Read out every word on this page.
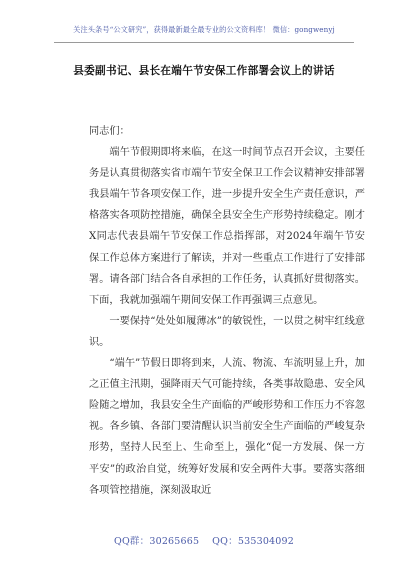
关注头条号“公文研究”，获得最新最全最专业的公文资料库！ 微信：gongwenyj
县委副书记、县长在端午节安保工作部署会议上的讲话

同志们：

端午节假期即将来临，在这一时间节点召开会议，主要任务是认真贯彻落实省市端午节安全保卫工作会议精神安排部署我县端午节各项安保工作，进一步提升安全生产责任意识，严格落实各项防控措施，确保全县安全生产形势持续稳定。刚才X同志代表县端午节安保工作总指挥部，对2024年端午节安保工作总体方案进行了解读，并对一些重点工作进行了安排部署。请各部门结合各自承担的工作任务，认真抓好贯彻落实。下面，我就加强端午期间安保工作再强调三点意见。

一要保持“处处如履薄冰”的敏锐性，一以贯之树牢红线意识。

“端午”节假日即将到来，人流、物流、车流明显上升，加之正值主汛期，强降雨天气可能持续，各类事故隐患、安全风险随之增加，我县安全生产面临的严峻形势和工作压力不容忽视。各乡镇、各部门要清醒认识当前安全生产面临的严峻复杂形势，坚持人民至上、生命至上，强化“促一方发展、保一方平安”的政治自觉，统筹好发展和安全两件大事。要落实落细各项管控措施，深刻汲取近

QQ群：30265665    QQ：535304092
